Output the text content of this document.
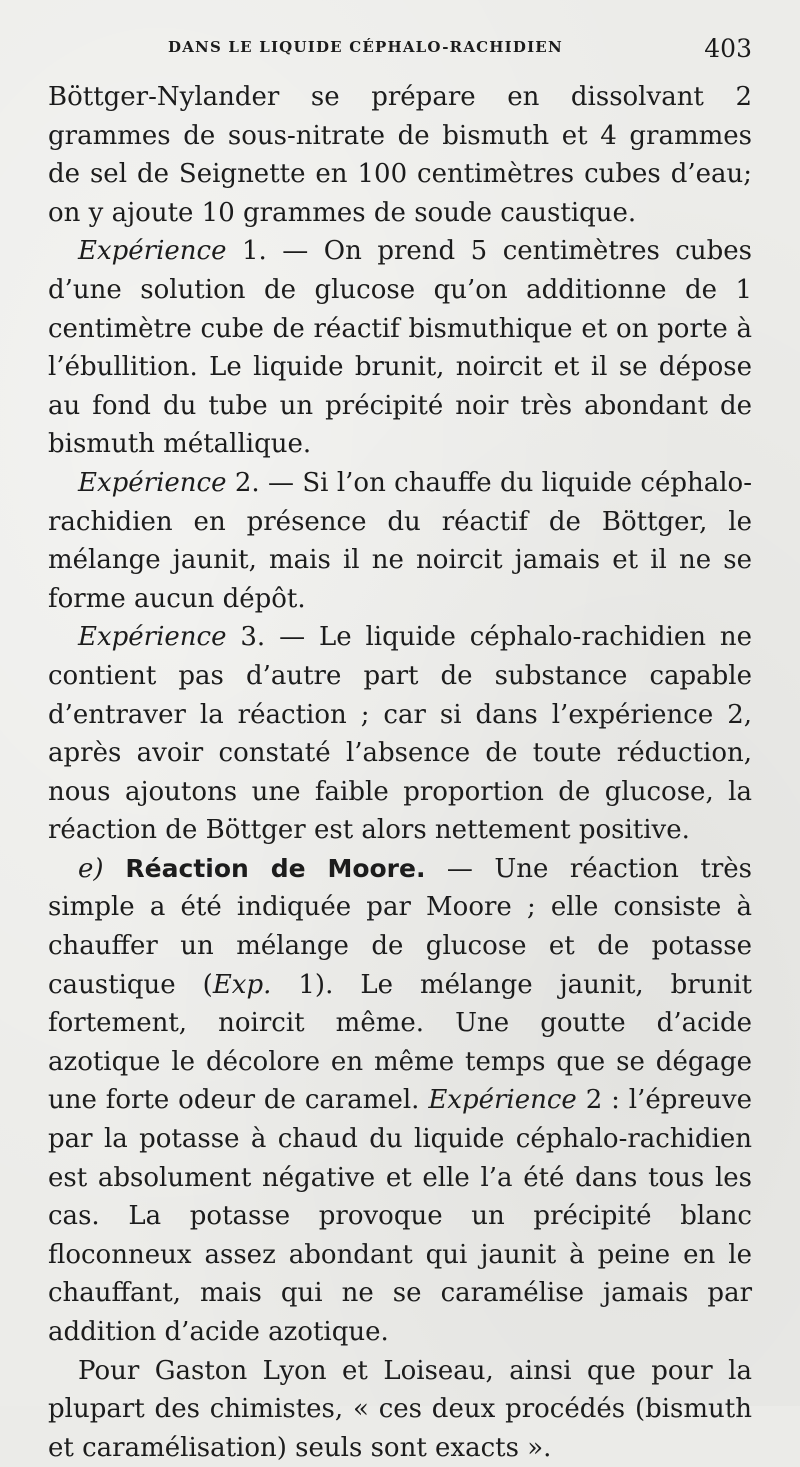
DANS LE LIQUIDE CÉPHALO-RACHIDIEN	403

Böttger-Nylander se prépare en dissolvant 2 grammes de sous-nitrate de bismuth et 4 grammes de sel de Seignette en 100 centimètres cubes d’eau; on y ajoute 10 grammes de soude caustique.

Expérience 1. — On prend 5 centimètres cubes d’une solution de glucose qu’on additionne de 1 centimètre cube de réactif bismuthique et on porte à l’ébullition. Le liquide brunit, noircit et il se dépose au fond du tube un précipité noir très abondant de bismuth métallique.

Expérience 2. — Si l’on chauffe du liquide céphalo-rachidien en présence du réactif de Böttger, le mélange jaunit, mais il ne noircit jamais et il ne se forme aucun dépôt.

Expérience 3. — Le liquide céphalo-rachidien ne contient pas d’autre part de substance capable d’entraver la réaction ; car si dans l’expérience 2, après avoir constaté l’absence de toute réduction, nous ajoutons une faible proportion de glucose, la réaction de Böttger est alors nettement positive.

e) Réaction de Moore. — Une réaction très simple a été indiquée par Moore ; elle consiste à chauffer un mélange de glucose et de potasse caustique (Exp. 1). Le mélange jaunit, brunit fortement, noircit même. Une goutte d’acide azotique le décolore en même temps que se dégage une forte odeur de caramel. Expérience 2 : l’épreuve par la potasse à chaud du liquide céphalo-rachidien est absolument négative et elle l’a été dans tous les cas. La potasse provoque un précipité blanc floconneux assez abondant qui jaunit à peine en le chauffant, mais qui ne se caramélise jamais par addition d’acide azotique.

Pour Gaston Lyon et Loiseau, ainsi que pour la plupart des chimistes, « ces deux procédés (bismuth et caramélisation) seuls sont exacts ».
